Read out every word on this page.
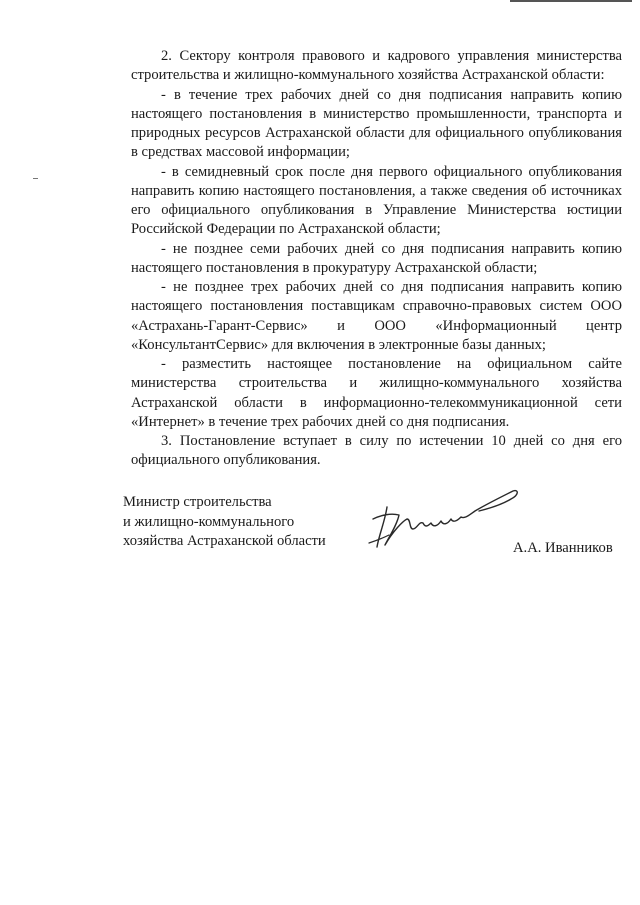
2. Сектору контроля правового и кадрового управления министерства строительства и жилищно-коммунального хозяйства Астраханской области:

- в течение трех рабочих дней со дня подписания направить копию настоящего постановления в министерство промышленности, транспорта и природных ресурсов Астраханской области для официального опубликования в средствах массовой информации;

- в семидневный срок после дня первого официального опубликования направить копию настоящего постановления, а также сведения об источниках его официального опубликования в Управление Министерства юстиции Российской Федерации по Астраханской области;

- не позднее семи рабочих дней со дня подписания направить копию настоящего постановления в прокуратуру Астраханской области;

- не позднее трех рабочих дней со дня подписания направить копию настоящего постановления поставщикам справочно-правовых систем ООО «Астрахань-Гарант-Сервис» и ООО «Информационный центр «КонсультантСервис» для включения в электронные базы данных;

- разместить настоящее постановление на официальном сайте министерства строительства и жилищно-коммунального хозяйства Астраханской области в информационно-телекоммуникационной сети «Интернет» в течение трех рабочих дней со дня подписания.

3. Постановление вступает в силу по истечении 10 дней со дня его официального опубликования.

Министр строительства
и жилищно-коммунального
хозяйства Астраханской области	А.А. Иванников
